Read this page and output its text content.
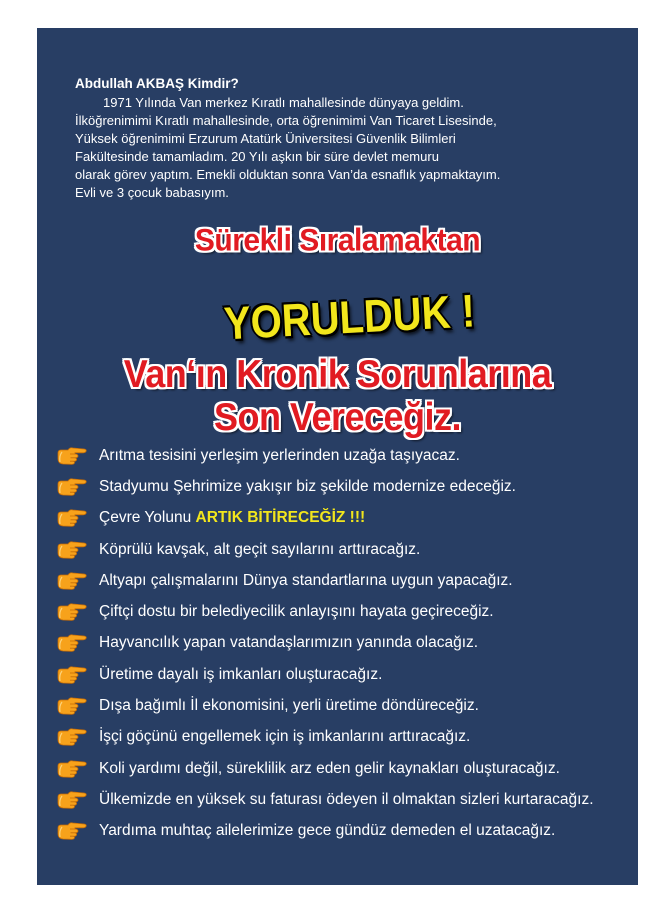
Abdullah AKBAŞ Kimdir?

1971 Yılında Van merkez Kıratlı mahallesinde dünyaya geldim.
İlköğrenimimi Kıratlı mahallesinde, orta öğrenimimi Van Ticaret Lisesinde,
Yüksek öğrenimimi Erzurum Atatürk Üniversitesi Güvenlik Bilimleri
Fakültesinde tamamladım. 20 Yılı aşkın bir süre devlet memuru
olarak görev yaptım. Emekli olduktan sonra Van’da esnaflık yapmaktayım.
Evli ve 3 çocuk babasıyım.

Sürekli Sıralamaktan
YORULDUK !
Van‘ın Kronik Sorunlarına
Son Vereceğiz.
Arıtma tesisini yerleşim yerlerinden uzağa taşıyacaz.
Stadyumu Şehrimize yakışır biz şekilde modernize edeceğiz.
Çevre Yolunu ARTIK BİTİRECEĞİZ !!!
Köprülü kavşak, alt geçit sayılarını arttıracağız.
Altyapı çalışmalarını Dünya standartlarına uygun yapacağız.
Çiftçi dostu bir belediyecilik anlayışını hayata geçireceğiz.
Hayvancılık yapan vatandaşlarımızın yanında olacağız.
Üretime dayalı iş imkanları oluşturacağız.
Dışa bağımlı İl ekonomisini, yerli üretime döndüreceğiz.
İşçi göçünü engellemek için iş imkanlarını arttıracağız.
Koli yardımı değil, süreklilik arz eden gelir kaynakları oluşturacağız.
Ülkemizde en yüksek su faturası ödeyen il olmaktan sizleri kurtaracağız.
Yardıma muhtaç ailelerimize gece gündüz demeden el uzatacağız.
